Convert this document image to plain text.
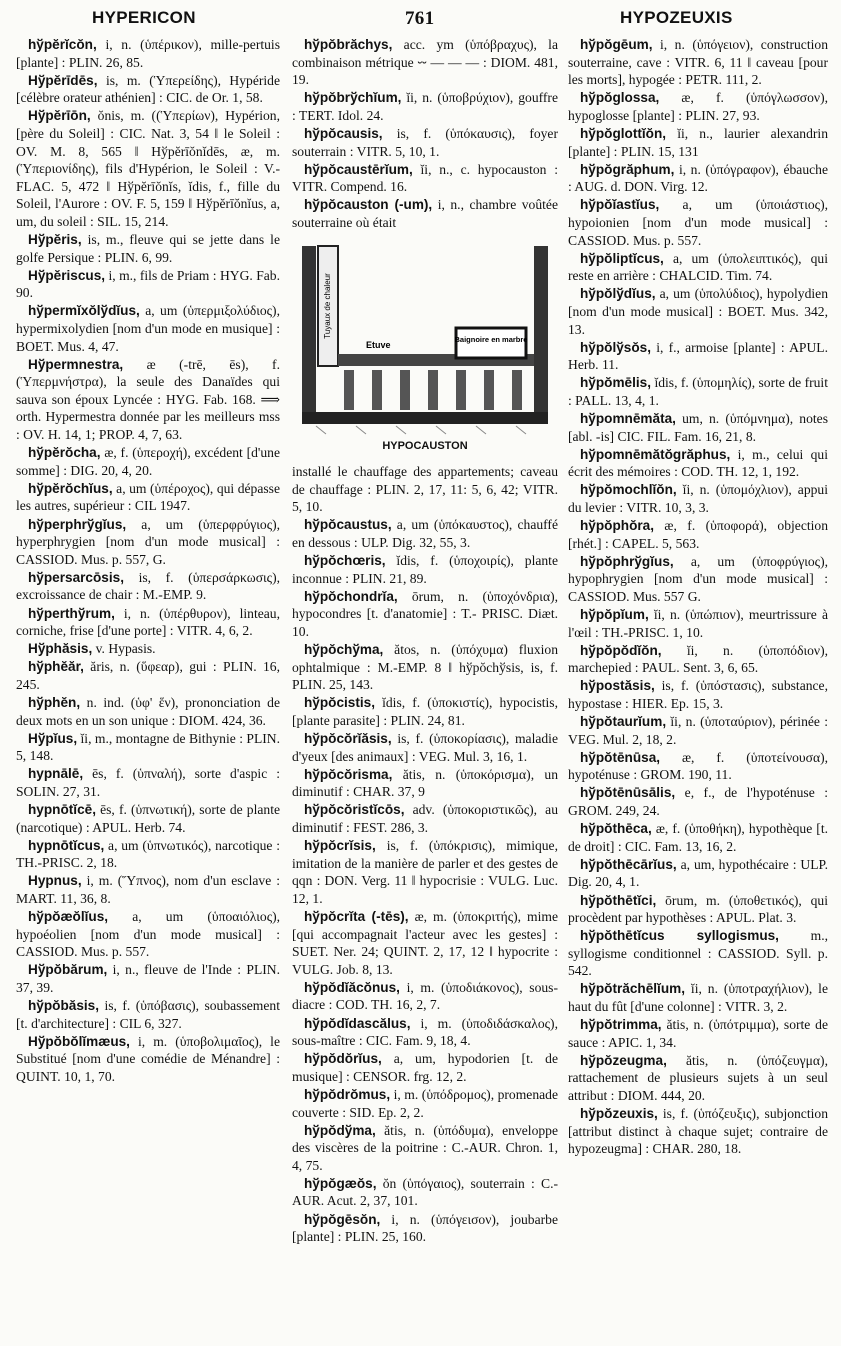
HYPERICON	761	HYPOZEUXIS

hўpĕrĭcŏn, i, n. (ὑπέρικον), mille-pertuis [plante] : PLIN. 26, 85.

Hўpĕrīdēs, is, m. (Ὑπερείδης), Hypéride [célèbre orateur athénien] : CIC. de Or. 1, 58.

Hўpĕrīōn, ŏnis, m. ((Ὑπερίων), Hypérion, [père du Soleil] : CIC. Nat. 3, 54 ‖ le Soleil : OV. M. 8, 565 ‖ Hўpĕrīŏnĭdēs, æ, m. (Ὑπεριονίδης), fils d'Hypérion, le Soleil : V.-FLAC. 5, 472 ‖ Hўpĕrīŏnĭs, ĭdis, f., fille du Soleil, l'Aurore : OV. F. 5, 159 ‖ Hўpĕrīŏnĭus, a, um, du soleil : SIL. 15, 214.

Hўpĕris, is, m., fleuve qui se jette dans le golfe Persique : PLIN. 6, 99.

Hўpĕriscus, i, m., fils de Priam : HYG. Fab. 90.

hўpermĭxŏlўdĭus, a, um (ὑπερμιξολύδιος), hypermixolydien [nom d'un mode en musique] : BOET. Mus. 4, 47.

Hўpermnestra, æ (-trē, ēs), f. (Ὑπερμνήστρα), la seule des Danaïdes qui sauva son époux Lyncée : HYG. Fab. 168. ⟹ orth. Hypermestra donnée par les meilleurs mss : OV. H. 14, 1; PROP. 4, 7, 63.

hўpĕrŏcha, æ, f. (ὑπεροχή), excédent [d'une somme] : DIG. 20, 4, 20.

hўpĕrŏchĭus, a, um (ὑπέροχος), qui dépasse les autres, supérieur : CIL 1947.

hўperphrўgĭus, a, um (ὑπερφρύγιος), hyperphrygien [nom d'un mode musical] : CASSIOD. Mus. p. 557, G.

hўpersarcōsis, is, f. (ὑπερσάρκωσις), excroissance de chair : M.-EMP. 9.

hўperthўrum, i, n. (ὑπέρθυρον), linteau, corniche, frise [d'une porte] : VITR. 4, 6, 2.

Hўphăsis, v. Hypasis.

hўphĕăr, ăris, n. (ὕφεαρ), gui : PLIN. 16, 245.

hўphĕn, n. ind. (ὑφ' ἕν), prononciation de deux mots en un son unique : DIOM. 424, 36.

Hўpĭus, ĭi, m., montagne de Bithynie : PLIN. 5, 148.

hypnālē, ēs, f. (ὑπναλή), sorte d'aspic : SOLIN. 27, 31.

hypnōtĭcē, ēs, f. (ὑπνωτική), sorte de plante (narcotique) : APUL. Herb. 74.

hypnōtĭcus, a, um (ὑπνωτικός), narcotique : TH.-PRISC. 2, 18.

Hypnus, i, m. (Ὕπνος), nom d'un esclave : MART. 11, 36, 8.

hўpŏæŏlĭus, a, um (ὑποαιόλιος), hypoéolien [nom d'un mode musical] : CASSIOD. Mus. p. 557.

Hўpŏbărum, i, n., fleuve de l'Inde : PLIN. 37, 39.

hўpŏbăsis, is, f. (ὑπόβασις), soubassement [t. d'architecture] : CIL 6, 327.

Hўpŏbŏlĭmæus, i, m. (ὑποβολιμαῖος), le Substitué [nom d'une comédie de Ménandre] : QUINT. 10, 1, 70.

hўpŏbrăchys, acc. ym (ὑπόβραχυς), la combinaison métrique ⏑⏑ — — — : DIOM. 481, 19.

hўpŏbrўchĭum, ĭi, n. (ὑποβρύχιον), gouffre : TERT. Idol. 24.

hўpŏcausis, is, f. (ὑπόκαυσις), foyer souterrain : VITR. 5, 10, 1.

hўpŏcaustērĭum, ĭi, n., c. hypocauston : VITR. Compend. 16.

hўpŏcauston (-um), i, n., chambre voûtée souterraine où était

Tuyaux de chaleur
Etuve
Baignoire en marbre
HYPOCAUSTON

installé le chauffage des appartements; caveau de chauffage : PLIN. 2, 17, 11: 5, 6, 42; VITR. 5, 10.

hўpŏcaustus, a, um (ὑπόκαυστος), chauffé en dessous : ULP. Dig. 32, 55, 3.

hўpŏchœris, ĭdis, f. (ὑποχοιρίς), plante inconnue : PLIN. 21, 89.

hўpŏchondrĭa, ōrum, n. (ὑποχόνδρια), hypocondres [t. d'anatomie] : T.- PRISC. Diæt. 10.

hўpŏchўma, ătos, n. (ὑπόχυμα) fluxion ophtalmique : M.-EMP. 8 ‖ hўpŏchўsis, is, f. PLIN. 25, 143.

hўpŏcistis, ĭdis, f. (ὑποκιστίς), hypocistis, [plante parasite] : PLIN. 24, 81.

hўpŏcŏrĭăsis, is, f. (ὑποκορίασις), maladie d'yeux [des animaux] : VEG. Mul. 3, 16, 1.

hўpŏcŏrisma, ătis, n. (ὑποκόρισμα), un diminutif : CHAR. 37, 9

hўpŏcŏristĭcōs, adv. (ὑποκοριστικῶς), au diminutif : FEST. 286, 3.

hўpŏcrĭsis, is, f. (ὑπόκρισις), mimique, imitation de la manière de parler et des gestes de qqn : DON. Verg. 11 ‖ hypocrisie : VULG. Luc. 12, 1.

hўpŏcrĭta (-tēs), æ, m. (ὑποκριτής), mime [qui accompagnait l'acteur avec les gestes] : SUET. Ner. 24; QUINT. 2, 17, 12 ‖ hypocrite : VULG. Job. 8, 13.

hўpŏdĭăcŏnus, i, m. (ὑποδιάκονος), sous-diacre : COD. TH. 16, 2, 7.

hўpŏdĭdascălus, i, m. (ὑποδιδάσκαλος), sous-maître : CIC. Fam. 9, 18, 4.

hўpŏdŏrĭus, a, um, hypodorien [t. de musique] : CENSOR. frg. 12, 2.

hўpŏdrŏmus, i, m. (ὑπόδρομος), promenade couverte : SID. Ep. 2, 2.

hўpŏdўma, ătis, n. (ὑπόδυμα), enveloppe des viscères de la poitrine : C.-AUR. Chron. 1, 4, 75.

hўpŏgæŏs, ŏn (ὑπόγαιος), souterrain : C.-AUR. Acut. 2, 37, 101.

hўpŏgēsŏn, i, n. (ὑπόγεισον), joubarbe [plante] : PLIN. 25, 160.

hўpŏgēum, i, n. (ὑπόγειον), construction souterraine, cave : VITR. 6, 11 ‖ caveau [pour les morts], hypogée : PETR. 111, 2.

hўpŏglossa, æ, f. (ὑπόγλωσσον), hypoglosse [plante] : PLIN. 27, 93.

hўpŏglottĭŏn, ĭi, n., laurier alexandrin [plante] : PLIN. 15, 131

hўpŏgrăphum, i, n. (ὑπόγραφον), ébauche : AUG. d. DON. Virg. 12.

hўpŏĭastĭus, a, um (ὑποιάστιος), hypoionien [nom d'un mode musical] : CASSIOD. Mus. p. 557.

hўpŏliptĭcus, a, um (ὑπολειπτικός), qui reste en arrière : CHALCID. Tim. 74.

hўpŏlўdĭus, a, um (ὑπολύδιος), hypolydien [nom d'un mode musical] : BOET. Mus. 342, 13.

hўpŏlўsŏs, i, f., armoise [plante] : APUL. Herb. 11.

hўpŏmēlis, ĭdis, f. (ὑπομηλίς), sorte de fruit : PALL. 13, 4, 1.

hўpomnēmăta, um, n. (ὑπόμνημα), notes [abl. -is] CIC. FIL. Fam. 16, 21, 8.

hўpomnēmătŏgrăphus, i, m., celui qui écrit des mémoires : COD. TH. 12, 1, 192.

hўpŏmochlĭŏn, ĭi, n. (ὑπομόχλιον), appui du levier : VITR. 10, 3, 3.

hўpŏphŏra, æ, f. (ὑποφορά), objection [rhét.] : CAPEL. 5, 563.

hўpŏphrўgĭus, a, um (ὑποφρύγιος), hypophrygien [nom d'un mode musical] : CASSIOD. Mus. 557 G.

hўpŏpĭum, ĭi, n. (ὑπώπιον), meurtrissure à l'œil : TH.-PRISC. 1, 10.

hўpŏpŏdĭŏn, ĭi, n. (ὑποπόδιον), marchepied : PAUL. Sent. 3, 6, 65.

hўpostăsis, is, f. (ὑπόστασις), substance, hypostase : HIER. Ep. 15, 3.

hўpŏtaurĭum, ĭi, n. (ὑποταύριον), périnée : VEG. Mul. 2, 18, 2.

hўpŏtēnūsa, æ, f. (ὑποτείνουσα), hypoténuse : GROM. 190, 11.

hўpŏtēnūsālis, e, f., de l'hypoténuse : GROM. 249, 24.

hўpŏthēca, æ, f. (ὑποθήκη), hypothèque [t. de droit] : CIC. Fam. 13, 16, 2.

hўpŏthēcārĭus, a, um, hypothécaire : ULP. Dig. 20, 4, 1.

hўpŏthētĭci, ōrum, m. (ὑποθετικός), qui procèdent par hypothèses : APUL. Plat. 3.

hўpŏthētĭcus syllogismus, m., syllogisme conditionnel : CASSIOD. Syll. p. 542.

hўpŏtrăchēlĭum, ĭi, n. (ὑποτραχήλιον), le haut du fût [d'une colonne] : VITR. 3, 2.

hўpŏtrimma, ătis, n. (ὑπότριμμα), sorte de sauce : APIC. 1, 34.

hўpŏzeugma, ătis, n. (ὑπόζευγμα), rattachement de plusieurs sujets à un seul attribut : DIOM. 444, 20.

hўpŏzeuxis, is, f. (ὑπόζευξις), subjonction [attribut distinct à chaque sujet; contraire de hypozeugma] : CHAR. 280, 18.
